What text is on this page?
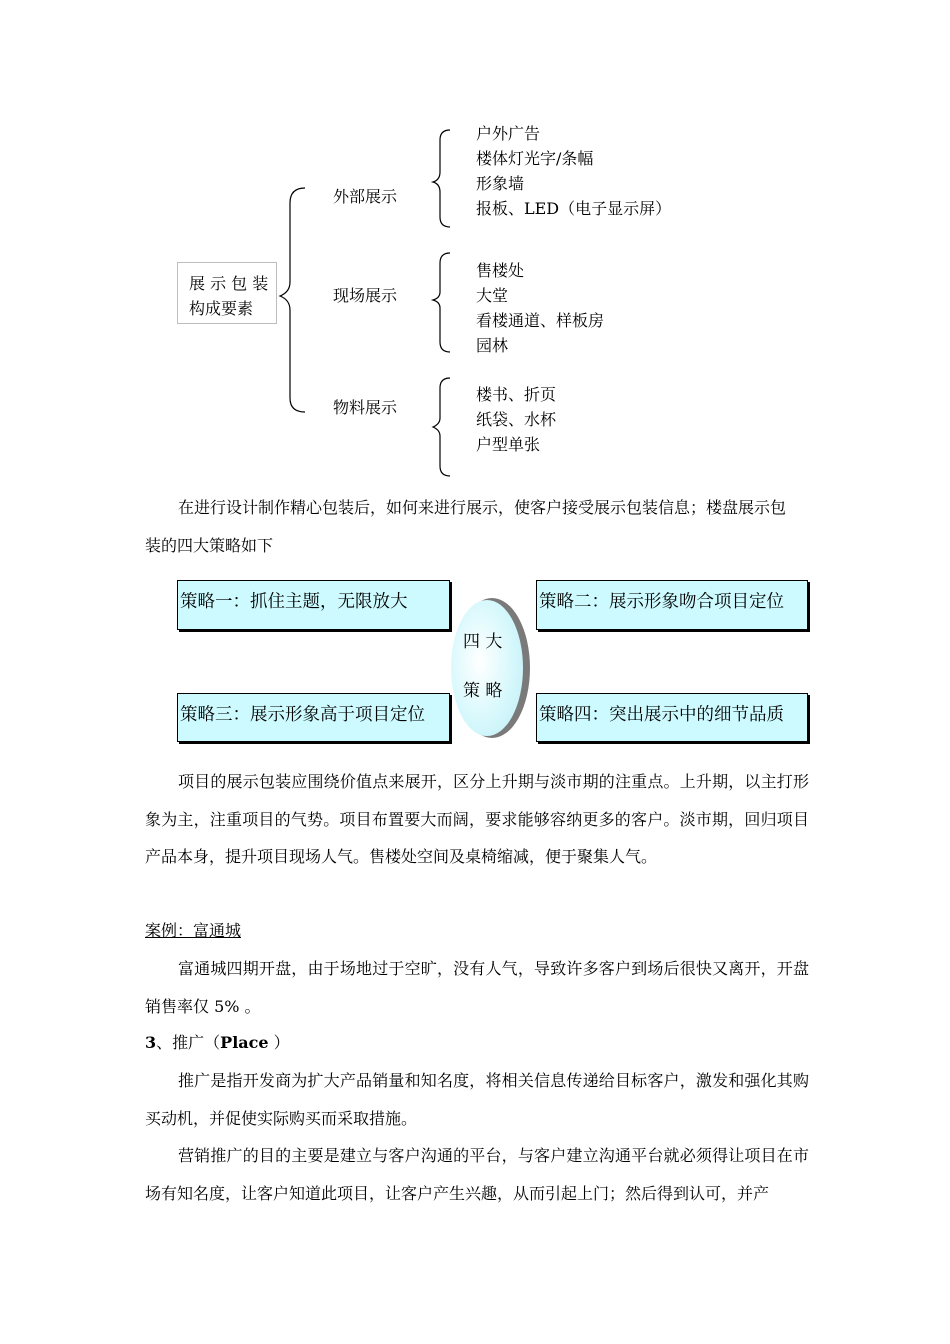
展 示 包 装
构成要素
外部展示
现场展示
物料展示
户外广告
楼体灯光字/条幅
形象墙
报板、LED（电子显示屏）
售楼处
大堂
看楼通道、样板房
园林
楼书、折页
纸袋、水杯
户型单张

在进行设计制作精心包装后，如何来进行展示，使客户接受展示包装信息；楼盘展示包

装的四大策略如下

四 大
策 略
策略一：抓住主题，无限放大	策略二：展示形象吻合项目定位
策略三：展示形象高于项目定位	策略四：突出展示中的细节品质

项目的展示包装应围绕价值点来展开，区分上升期与淡市期的注重点。上升期，以主打形象为主，注重项目的气势。项目布置要大而阔，要求能够容纳更多的客户。淡市期，回归项目产品本身，提升项目现场人气。售楼处空间及桌椅缩减，便于聚集人气。

案例：富通城

富通城四期开盘，由于场地过于空旷，没有人气，导致许多客户到场后很快又离开，开盘销售率仅 5% 。

3、推广（Place ）

推广是指开发商为扩大产品销量和知名度，将相关信息传递给目标客户，激发和强化其购买动机，并促使实际购买而采取措施。

营销推广的目的主要是建立与客户沟通的平台，与客户建立沟通平台就必须得让项目在市场有知名度，让客户知道此项目，让客户产生兴趣，从而引起上门；然后得到认可，并产
